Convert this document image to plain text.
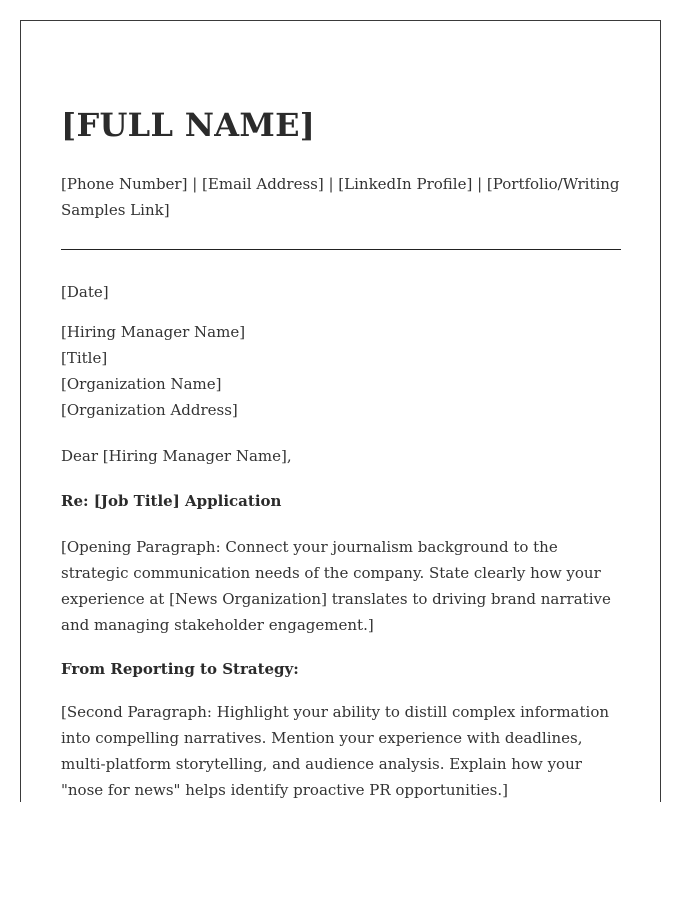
[FULL NAME]
[Phone Number] | [Email Address] | [LinkedIn Profile] | [Portfolio/Writing Samples Link]
[Date]
[Hiring Manager Name]
[Title]
[Organization Name]
[Organization Address]
Dear [Hiring Manager Name],
Re: [Job Title] Application
[Opening Paragraph: Connect your journalism background to the strategic communication needs of the company. State clearly how your experience at [News Organization] translates to driving brand narrative and managing stakeholder engagement.]
From Reporting to Strategy:
[Second Paragraph: Highlight your ability to distill complex information into compelling narratives. Mention your experience with deadlines, multi-platform storytelling, and audience analysis. Explain how your "nose for news" helps identify proactive PR opportunities.]
